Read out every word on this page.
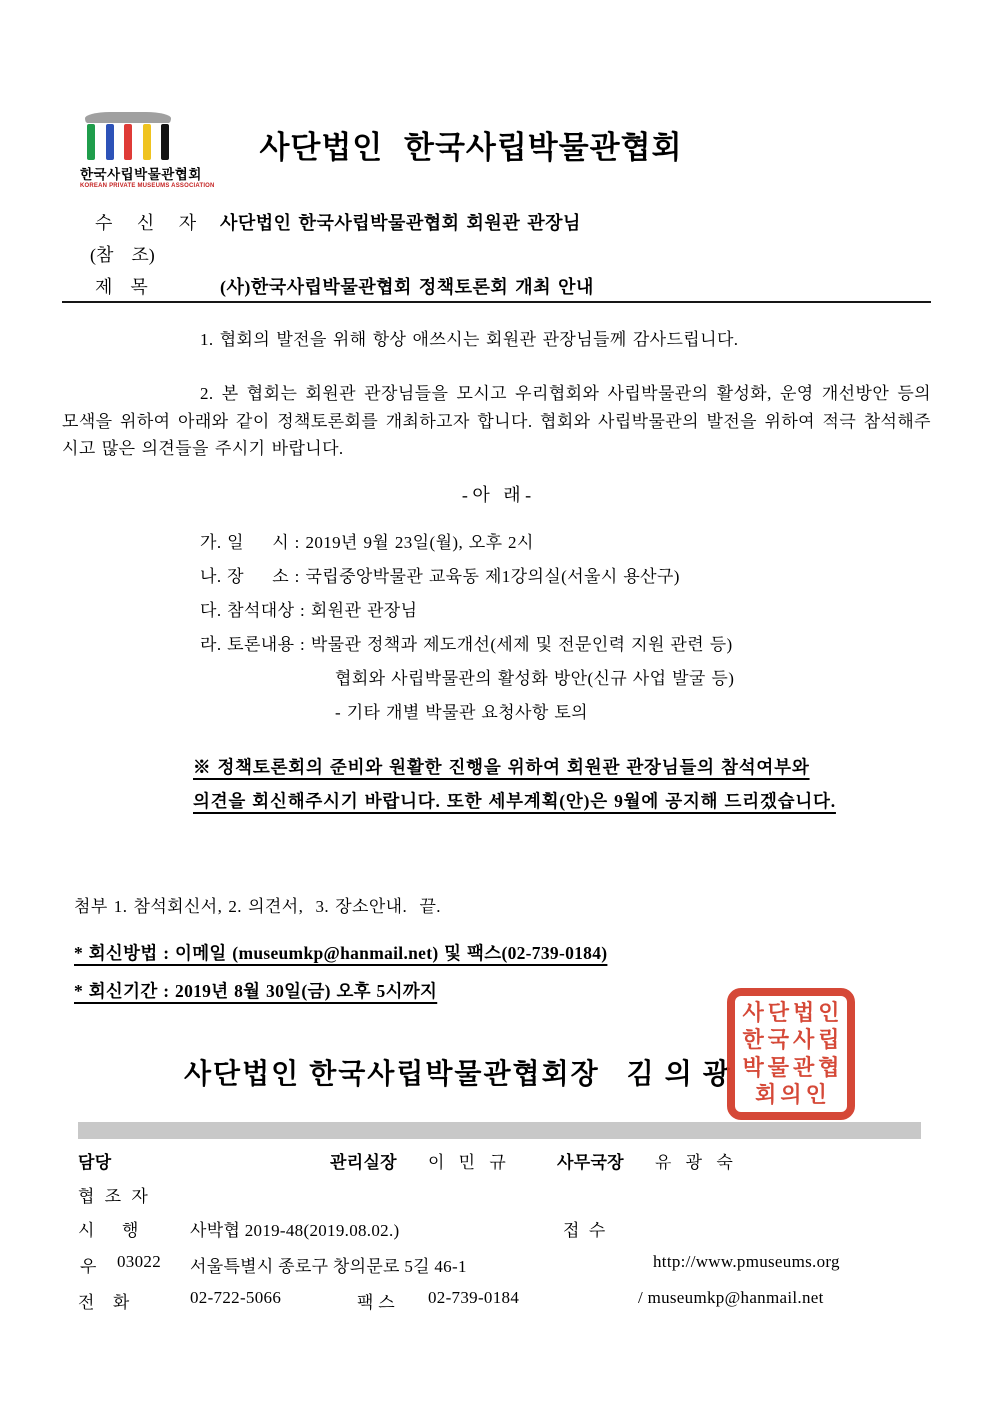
한국사립박물관협회
KOREAN PRIVATE MUSEUMS ASSOCIATION
사단법인 한국사립박물관협회
수 신 자 사단법인 한국사립박물관협회 회원관 관장님
(참    조)
제    목	(사)한국사립박물관협회 정책토론회 개최 안내
1. 협회의 발전을 위해 항상 애쓰시는 회원관 관장님들께 감사드립니다.
2. 본 협회는 회원관 관장님들을 모시고 우리협회와 사립박물관의 활성화, 운영 개선방안 등의 모색을 위하여 아래와 같이 정책토론회를 개최하고자 합니다. 협회와 사립박물관의 발전을 위하여 적극 참석해주시고 많은 의견들을 주시기 바랍니다.
- 아   래 -
가. 일     시 : 2019년 9월 23일(월), 오후 2시
나. 장     소 : 국립중앙박물관 교육동 제1강의실(서울시 용산구)
다. 참석대상 : 회원관 관장님
라. 토론내용 : 박물관 정책과 제도개선(세제 및 전문인력 지원 관련 등)
협회와 사립박물관의 활성화 방안(신규 사업 발굴 등)
- 기타 개별 박물관 요청사항 토의
※ 정책토론회의 준비와 원활한 진행을 위하여 회원관 관장님들의 참석여부와
의견을 회신해주시기 바랍니다. 또한 세부계획(안)은 9월에 공지해 드리겠습니다.
첨부 1. 참석회신서, 2. 의견서,  3. 장소안내.  끝.
* 회신방법 : 이메일 (museumkp@hanmail.net) 및 팩스(02-739-0184)
* 회신기간 : 2019년 8월 30일(금) 오후 5시까지
사단법인 한국사립박물관협회장   김 의 광
사단법인
한국사립
박물관협
회의인
담당	관리실장 이 민 규	사무국장 유 광 숙
협 조 자
시      행	사박협 2019-48(2019.08.02.)	접  수
우 03022 서울특별시 종로구 창의문로 5길 46-1	http://www.pmuseums.org
전    화	02-722-5066	팩 스 02-739-0184	/ museumkp@hanmail.net
